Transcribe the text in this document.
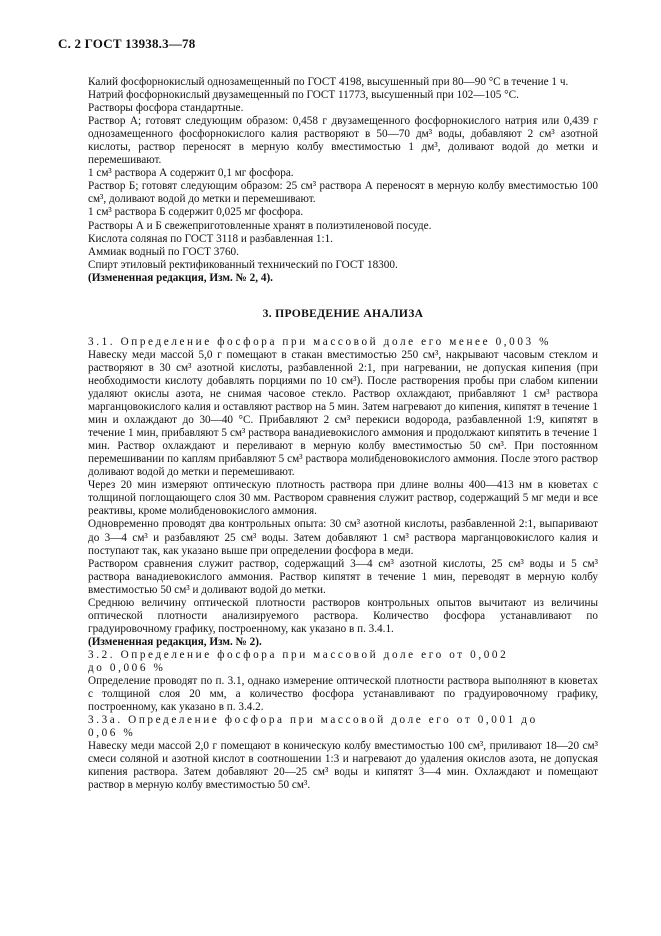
С. 2 ГОСТ 13938.3—78

Калий фосфорнокислый однозамещенный по ГОСТ 4198, высушенный при 80—90 °С в течение 1 ч.

Натрий фосфорнокислый двузамещенный по ГОСТ 11773, высушенный при 102—105 °С.

Растворы фосфора стандартные.

Раствор А; готовят следующим образом: 0,458 г двузамещенного фосфорнокислого натрия или 0,439 г однозамещенного фосфорнокислого калия растворяют в 50—70 дм³ воды, добавляют 2 см³ азотной кислоты, раствор переносят в мерную колбу вместимостью 1 дм³, доливают водой до метки и перемешивают.

1 см³ раствора А содержит 0,1 мг фосфора.

Раствор Б; готовят следующим образом: 25 см³ раствора А переносят в мерную колбу вместимостью 100 см³, доливают водой до метки и перемешивают.

1 см³ раствора Б содержит 0,025 мг фосфора.

Растворы А и Б свежеприготовленные хранят в полиэтиленовой посуде.

Кислота соляная по ГОСТ 3118 и разбавленная 1:1.

Аммиак водный по ГОСТ 3760.

Спирт этиловый ректификованный технический по ГОСТ 18300.

(Измененная редакция, Изм. № 2, 4).

3. ПРОВЕДЕНИЕ АНАЛИЗА

3.1. Определение фосфора при массовой доле его менее 0,003 %

Навеску меди массой 5,0 г помещают в стакан вместимостью 250 см³, накрывают часовым стеклом и растворяют в 30 см³ азотной кислоты, разбавленной 2:1, при нагревании, не допуская кипения (при необходимости кислоту добавлять порциями по 10 см³). После растворения пробы при слабом кипении удаляют окислы азота, не снимая часовое стекло. Раствор охлаждают, прибавляют 1 см³ раствора марганцовокислого калия и оставляют раствор на 5 мин. Затем нагревают до кипения, кипятят в течение 1 мин и охлаждают до 30—40 °С. Прибавляют 2 см³ перекиси водорода, разбавленной 1:9, кипятят в течение 1 мин, прибавляют 5 см³ раствора ванадиевокислого аммония и продолжают кипятить в течение 1 мин. Раствор охлаждают и переливают в мерную колбу вместимостью 50 см³. При постоянном перемешивании по каплям прибавляют 5 см³ раствора молибденовокислого аммония. После этого раствор доливают водой до метки и перемешивают.

Через 20 мин измеряют оптическую плотность раствора при длине волны 400—413 нм в кюветах с толщиной поглощающего слоя 30 мм. Раствором сравнения служит раствор, содержащий 5 мг меди и все реактивы, кроме молибденовокислого аммония.

Одновременно проводят два контрольных опыта: 30 см³ азотной кислоты, разбавленной 2:1, выпаривают до 3—4 см³ и разбавляют 25 см³ воды. Затем добавляют 1 см³ раствора марганцовокислого калия и поступают так, как указано выше при определении фосфора в меди.

Раствором сравнения служит раствор, содержащий 3—4 см³ азотной кислоты, 25 см³ воды и 5 см³ раствора ванадиевокислого аммония. Раствор кипятят в течение 1 мин, переводят в мерную колбу вместимостью 50 см³ и доливают водой до метки.

Среднюю величину оптической плотности растворов контрольных опытов вычитают из величины оптической плотности анализируемого раствора. Количество фосфора устанавливают по градуировочному графику, построенному, как указано в п. 3.4.1.

(Измененная редакция, Изм. № 2).

3.2. Определение фосфора при массовой доле его от 0,002
до 0,006 %

Определение проводят по п. 3.1, однако измерение оптической плотности раствора выполняют в кюветах с толщиной слоя 20 мм, а количество фосфора устанавливают по градуировочному графику, построенному, как указано в п. 3.4.2.

3.3а. Определение фосфора при массовой доле его от 0,001 до
0,06 %

Навеску меди массой 2,0 г помещают в коническую колбу вместимостью 100 см³, приливают 18—20 см³ смеси соляной и азотной кислот в соотношении 1:3 и нагревают до удаления окислов азота, не допуская кипения раствора. Затем добавляют 20—25 см³ воды и кипятят 3—4 мин. Охлаждают и помещают раствор в мерную колбу вместимостью 50 см³.
